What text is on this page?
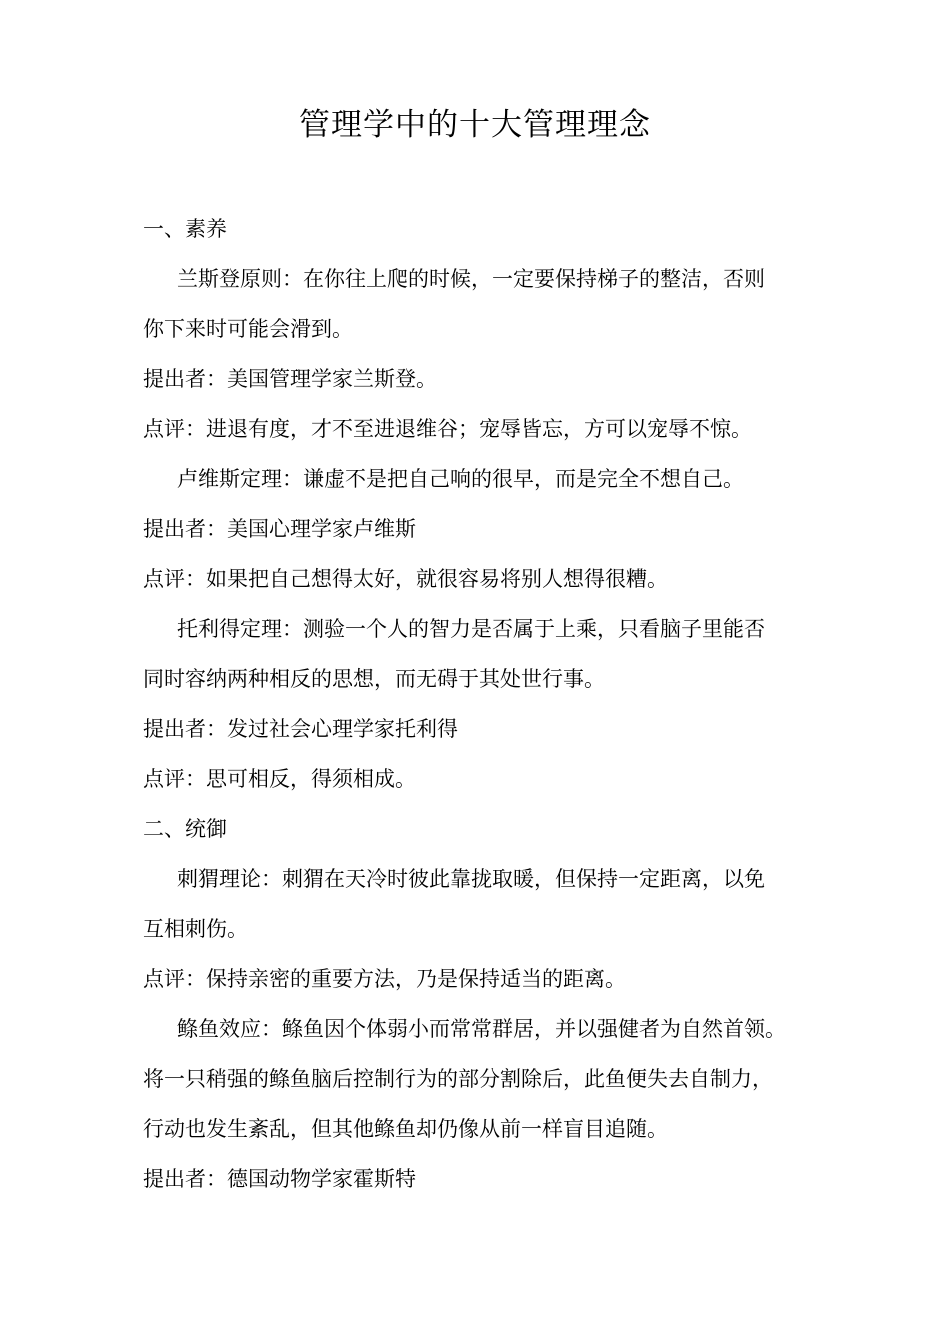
管理学中的十大管理理念
一、素养
兰斯登原则：在你往上爬的时候，一定要保持梯子的整洁，否则
你下来时可能会滑到。
提出者：美国管理学家兰斯登。
点评：进退有度，才不至进退维谷；宠辱皆忘，方可以宠辱不惊。
卢维斯定理：谦虚不是把自己响的很早，而是完全不想自己。
提出者：美国心理学家卢维斯
点评：如果把自己想得太好，就很容易将别人想得很糟。
托利得定理：测验一个人的智力是否属于上乘，只看脑子里能否
同时容纳两种相反的思想，而无碍于其处世行事。
提出者：发过社会心理学家托利得
点评：思可相反，得须相成。
二、统御
刺猬理论：刺猬在天冷时彼此靠拢取暖，但保持一定距离，以免
互相刺伤。
点评：保持亲密的重要方法，乃是保持适当的距离。
鲦鱼效应：鲦鱼因个体弱小而常常群居，并以强健者为自然首领。
将一只稍强的鲦鱼脑后控制行为的部分割除后，此鱼便失去自制力，
行动也发生紊乱，但其他鲦鱼却仍像从前一样盲目追随。
提出者：德国动物学家霍斯特
